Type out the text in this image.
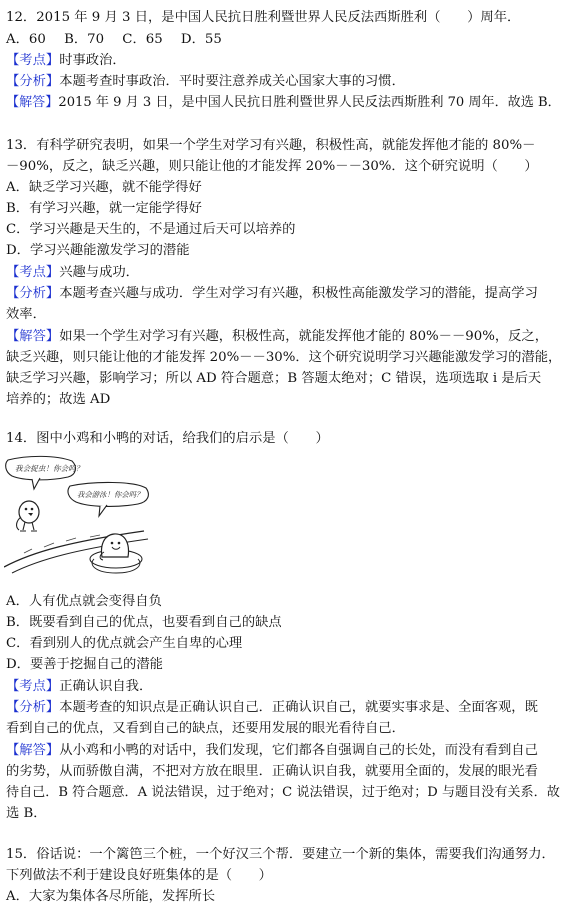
12．2015 年 9 月 3 日，是中国人民抗日胜利暨世界人民反法西斯胜利（　　）周年．
A．60 B．70 C．65 D．55
【考点】时事政治．
【分析】本题考查时事政治．平时要注意养成关心国家大事的习惯．
【解答】2015 年 9 月 3 日，是中国人民抗日胜利暨世界人民反法西斯胜利 70 周年．故选 B．
13．有科学研究表明，如果一个学生对学习有兴趣，积极性高，就能发挥他才能的 80%－
－90%，反之，缺乏兴趣，则只能让他的才能发挥 20%－－30%．这个研究说明（　　）
A．缺乏学习兴趣，就不能学得好
B．有学习兴趣，就一定能学得好
C．学习兴趣是天生的，不是通过后天可以培养的
D．学习兴趣能激发学习的潜能
【考点】兴趣与成功．
【分析】本题考查兴趣与成功．学生对学习有兴趣，积极性高能激发学习的潜能，提高学习
效率．
【解答】如果一个学生对学习有兴趣，积极性高，就能发挥他才能的 80%－－90%，反之，
缺乏兴趣，则只能让他的才能发挥 20%－－30%．这个研究说明学习兴趣能激发学习的潜能，
缺乏学习兴趣，影响学习；所以 AD 符合题意；B 答题太绝对；C 错误，选项选取 i 是后天
培养的；故选 AD
14．图中小鸡和小鸭的对话，给我们的启示是（　　）
我会捉虫！你会吗？
我会游泳！你会吗？
A．人有优点就会变得自负
B．既要看到自己的优点，也要看到自己的缺点
C．看到别人的优点就会产生自卑的心理
D．要善于挖掘自己的潜能
【考点】正确认识自我．
【分析】本题考查的知识点是正确认识自己．正确认识自己，就要实事求是、全面客观，既
看到自己的优点，又看到自己的缺点，还要用发展的眼光看待自己．
【解答】从小鸡和小鸭的对话中，我们发现，它们都各自强调自己的长处，而没有看到自己
的劣势，从而骄傲自满，不把对方放在眼里．正确认识自我，就要用全面的，发展的眼光看
待自己．B 符合题意．A 说法错误，过于绝对；C 说法错误，过于绝对；D 与题目没有关系．故
选 B．
15．俗话说：一个篱笆三个桩，一个好汉三个帮．要建立一个新的集体，需要我们沟通努力．
下列做法不利于建设良好班集体的是（　　）
A．大家为集体各尽所能，发挥所长
